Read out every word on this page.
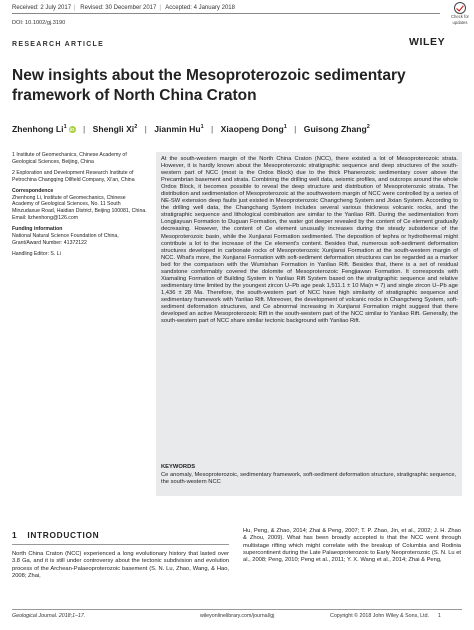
Received: 2 July 2017 | Revised: 30 December 2017 | Accepted: 4 January 2018
DOI: 10.1002/gj.3190
Check for
updates
RESEARCH ARTICLE	WILEY
New insights about the Mesoproterozoic sedimentary framework of North China Craton
Zhenhong Li$^1$ iD | Shengli Xi$^2$ | Jianmin Hu$^1$ | Xiaopeng Dong$^1$ | Guisong Zhang$^2$

1 Institute of Geomechanics, Chinese Academy of Geological Sciences, Beijing, China

2 Exploration and Development Research Institute of Petrochina Changqing Oilfield Company, Xi'an, China

Correspondence
Zhenhong Li, Institute of Geomechanics, Chinese Academy of Geological Sciences, No. 11 South Minzudaxue Road, Haidian District, Beijing 100081, China.

Email: lizhenhong@126.com

Funding information

National Natural Science Foundation of China, Grant/Award Number: 41372122

Handling Editor: S. Li

At the south-western margin of the North China Craton (NCC), there existed a lot of Mesoproterozoic strata. However, it is hardly known about the Mesoproterozoic stratigraphic sequence and deep structures of the south-western part of NCC (most is the Ordos Block) due to the thick Phanerozoic sedimentary cover above the Precambrian basement and strata. Combining the drilling well data, seismic profiles, and outcrops around the whole Ordos Block, it becomes possible to reveal the deep structure and distribution of Mesoproterozoic strata. The distribution and sedimentation of Mesoproterozoic at the southwestern margin of NCC were controlled by a series of NE-SW extension deep faults just existed in Mesoproterozoic Changcheng System and Jixian System. According to the drilling well data, the Changchang System includes several various thickness volcanic rocks, and the stratigraphic sequence and lithological combination are similar to the Yanliao Rift. During the sedimentation from Longjiayuan Formation to Duguan Formation, the water got deeper revealed by the content of Ce element gradually decreasing. However, the content of Ce element unusually increases during the steady subsidence of the Mesoproterozoic basin, while the Xunjiansi Formation sedimented. The deposition of tephra or hydrothermal might contribute a lot to the increase of the Ce element's content. Besides that, numerous soft-sediment deformation structures developed in carbonate rocks of Mesoproterozoic Xunjiansi Formation at the south-western margin of NCC. What's more, the Xunjiansi Formation with soft-sediment deformation structures can be regarded as a marker bed for the comparison with the Wumishan Formation in Yanliao Rift. Besides that, there is a set of residual sandstone conformably covered the dolomite of Mesoproterozoic Fengjiawan Formation. It corresponds with Xiamaling Formation of Building System in Yanliao Rift System based on the stratigraphic sequence and relative sedimentary time limited by the youngest zircon U–Pb age peak 1,511.1 ± 10 Ma(n = 7) and single zircon U–Pb age 1,436 ± 28 Ma. Therefore, the south-western part of NCC have high similarity of stratigraphic sequence and sedimentary framework with Yanliao Rift. Moreover, the development of volcanic rocks in Changcheng System, soft-sediment deformation structures, and Ce abnormal increasing in Xunjiansi Formation might suggest that there developed an active Mesoproterozoic Rift in the south-western part of the NCC similar to Yanliao Rift. Generally, the south-western part of NCC share similar tectonic background with Yanliao Rift.
KEYWORDS
Ce anomaly, Mesoproterozoic, sedimentary framework, soft-sediment deformation structure, stratigraphic sequence, the south-western NCC
1 INTRODUCTION
North China Craton (NCC) experienced a long evolutionary history that lasted over 3.8 Ga, and it is still under controversy about the tectonic subdivision and evolution process of the Archean-Palaeoproterozoic basement (S. N. Lu, Zhao, Wang, & Hao, 2008; Zhai,
Hu, Peng, & Zhao, 2014; Zhai & Peng, 2007; T. P. Zhao, Jin, et al., 2002; J. H. Zhao & Zhou, 2009). What has been broadly accepted is that the NCC went through multistage rifting which might correlate with the breakup of Columbia and Rodinia supercontinent during the Late Palaeoproterozoic to Early Neoproterozoic (S. N. Lu et al., 2008; Peng, 2010; Peng et al., 2011; Y. X. Wang et al., 2014; Zhai & Peng,
Geological Journal. 2018;1–17.	wileyonlinelibrary.com/journal/gj	Copyright © 2018 John Wiley & Sons, Ltd. 1
